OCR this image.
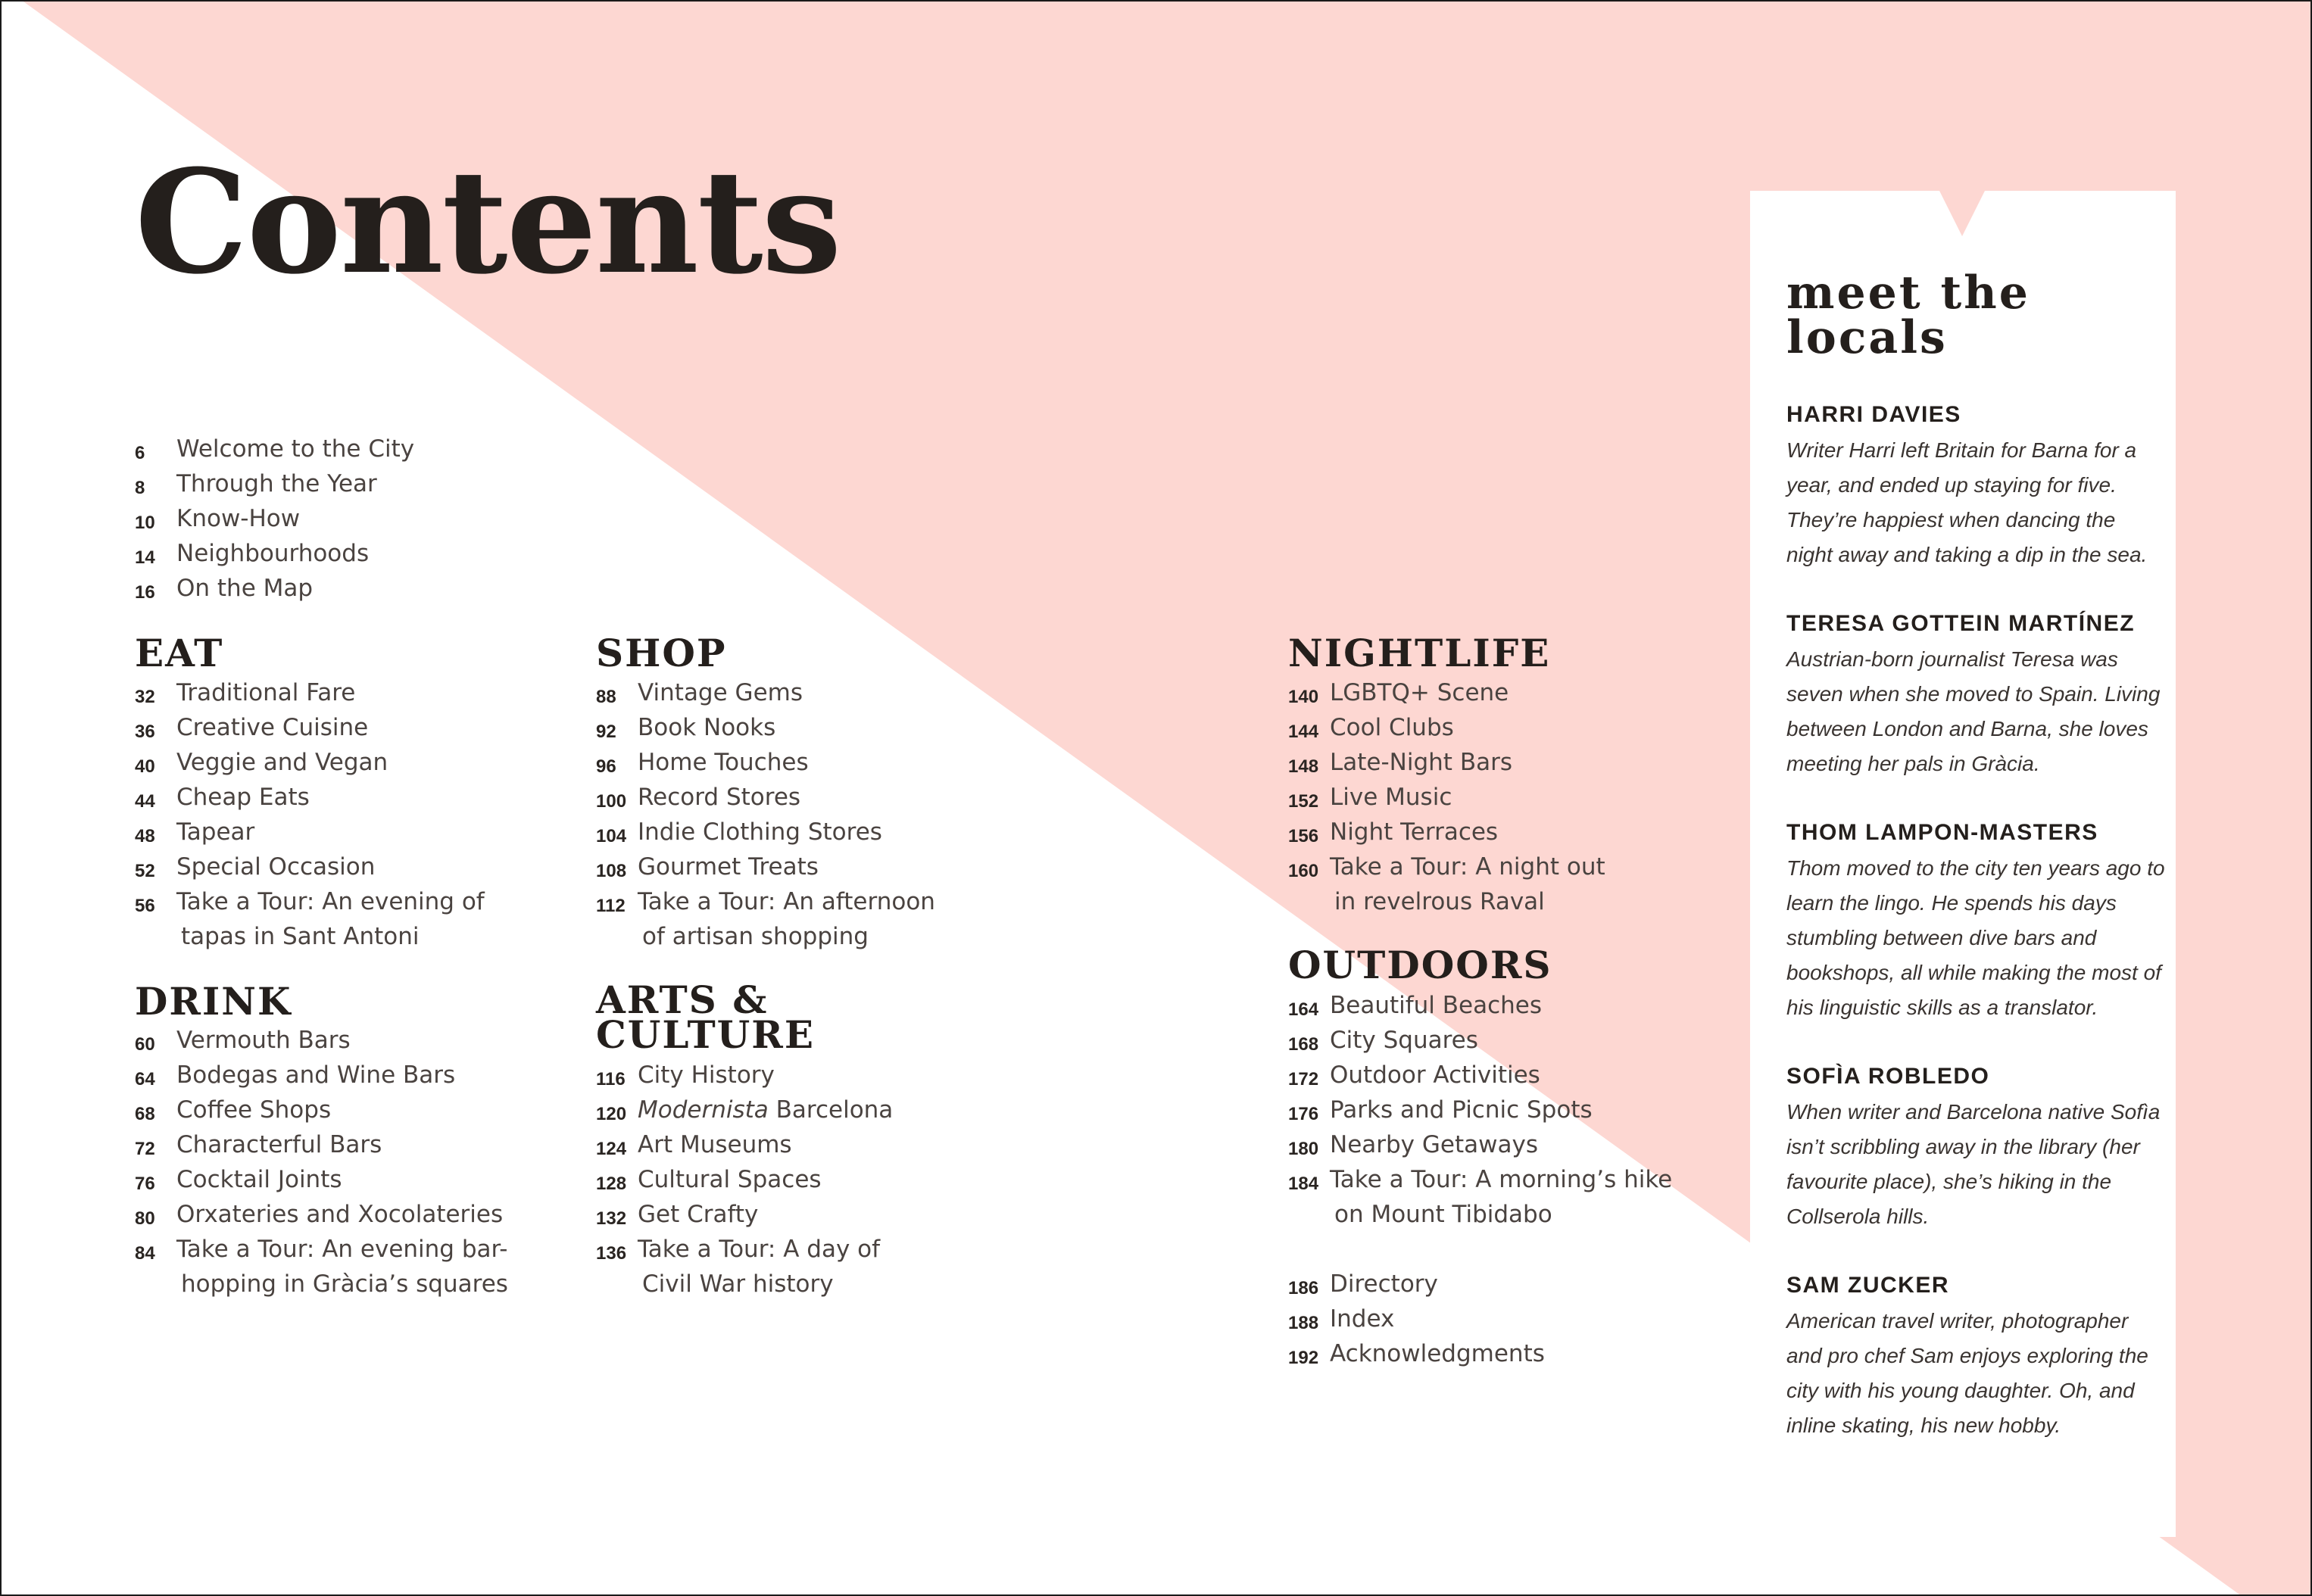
Contents
6 Welcome to the City
8 Through the Year
10 Know-How
14 Neighbourhoods
16 On the Map
EAT
32 Traditional Fare
36 Creative Cuisine
40 Veggie and Vegan
44 Cheap Eats
48 Tapear
52 Special Occasion
56 Take a Tour: An evening of
tapas in Sant Antoni
DRINK
60 Vermouth Bars
64 Bodegas and Wine Bars
68 Coffee Shops
72 Characterful Bars
76 Cocktail Joints
80 Orxateries and Xocolateries
84 Take a Tour: An evening bar-
hopping in Gràcia’s squares
SHOP
88 Vintage Gems
92 Book Nooks
96 Home Touches
100 Record Stores
104 Indie Clothing Stores
108 Gourmet Treats
112 Take a Tour: An afternoon
of artisan shopping
ARTS &
CULTURE
116 City History
120 Modernista Barcelona
124 Art Museums
128 Cultural Spaces
132 Get Crafty
136 Take a Tour: A day of
Civil War history
NIGHTLIFE
140 LGBTQ+ Scene
144 Cool Clubs
148 Late-Night Bars
152 Live Music
156 Night Terraces
160 Take a Tour: A night out
in revelrous Raval
OUTDOORS
164 Beautiful Beaches
168 City Squares
172 Outdoor Activities
176 Parks and Picnic Spots
180 Nearby Getaways
184 Take a Tour: A morning’s hike
on Mount Tibidabo
186 Directory
188 Index
192 Acknowledgments
meet the
locals
HARRI DAVIES
Writer Harri left Britain for Barna for a year, and ended up staying for five. They’re happiest when dancing the night away and taking a dip in the sea.
TERESA GOTTEIN MARTÍNEZ
Austrian-born journalist Teresa was seven when she moved to Spain. Living between London and Barna, she loves meeting her pals in Gràcia.
THOM LAMPON-MASTERS
Thom moved to the city ten years ago to learn the lingo. He spends his days stumbling between dive bars and bookshops, all while making the most of his linguistic skills as a translator.
SOFÌA ROBLEDO
When writer and Barcelona native Sofìa isn’t scribbling away in the library (her favourite place), she’s hiking in the Collserola hills.
SAM ZUCKER
American travel writer, photographer and pro chef Sam enjoys exploring the city with his young daughter. Oh, and inline skating, his new hobby.
